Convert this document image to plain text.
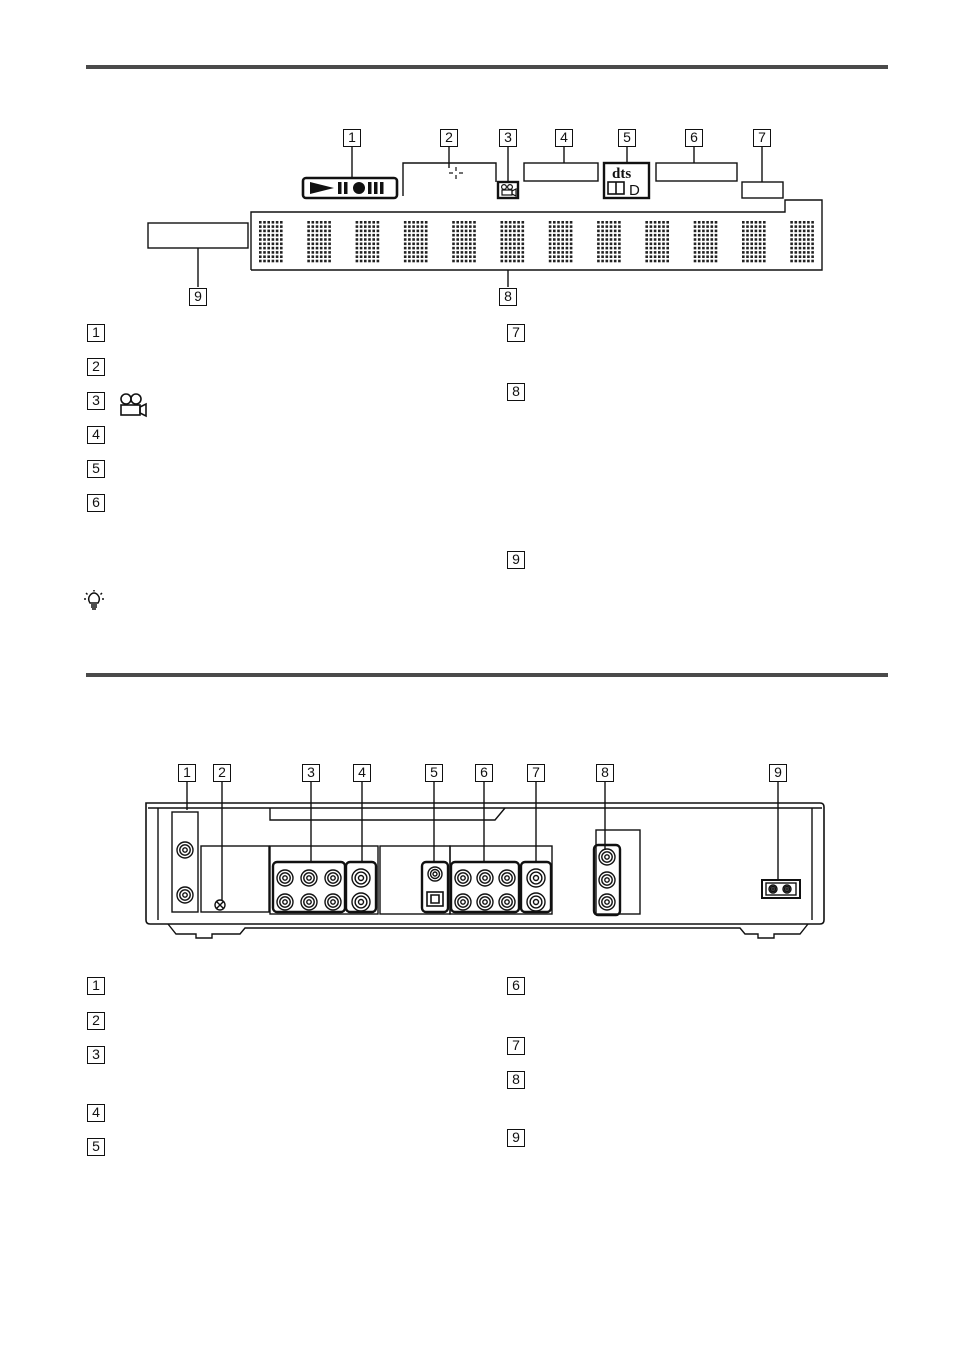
dts
D
1	2	3	4	5	6	7
9	8
1
2
3
4
5
6
7
8
9
1	2	3	4	5	6	7	8	9
1
2
3
4
5
6
7
8
9
